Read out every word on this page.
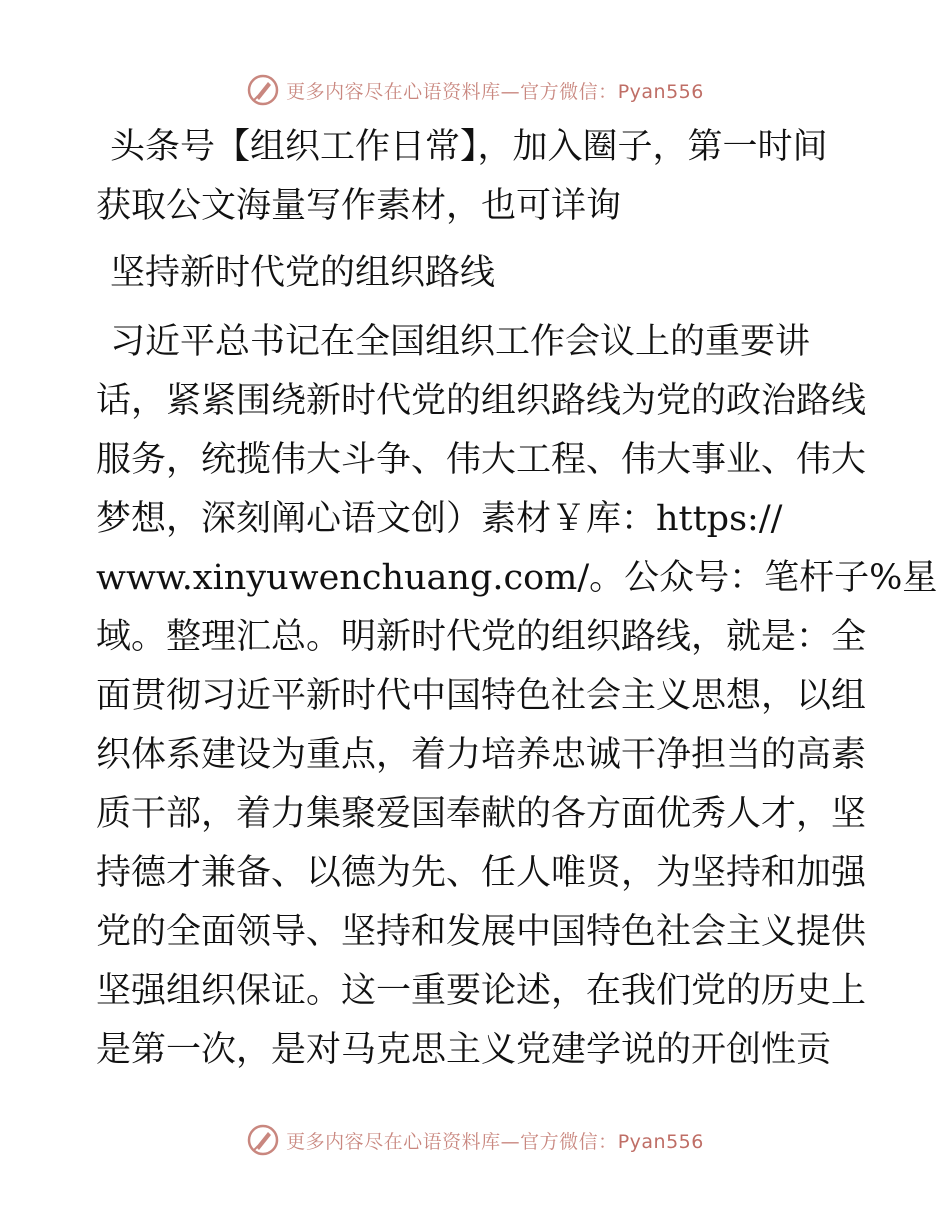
更多内容尽在心语资料库—官方微信：Pyan556

头条号【组织工作日常】，加入圈子，第一时间
获取公文海量写作素材，也可详询

坚持新时代党的组织路线

习近平总书记在全国组织工作会议上的重要讲
话，紧紧围绕新时代党的组织路线为党的政治路线
服务，统揽伟大斗争、伟大工程、伟大事业、伟大
梦想，深刻阐心语文创）素材￥库：https://
www.xinyuwenchuang.com/。公众号：笔杆子%星
域。整理汇总。明新时代党的组织路线，就是：全
面贯彻习近平新时代中国特色社会主义思想，以组
织体系建设为重点，着力培养忠诚干净担当的高素
质干部，着力集聚爱国奉献的各方面优秀人才，坚
持德才兼备、以德为先、任人唯贤，为坚持和加强
党的全面领导、坚持和发展中国特色社会主义提供
坚强组织保证。这一重要论述，在我们党的历史上
是第一次，是对马克思主义党建学说的开创性贡

更多内容尽在心语资料库—官方微信：Pyan556
